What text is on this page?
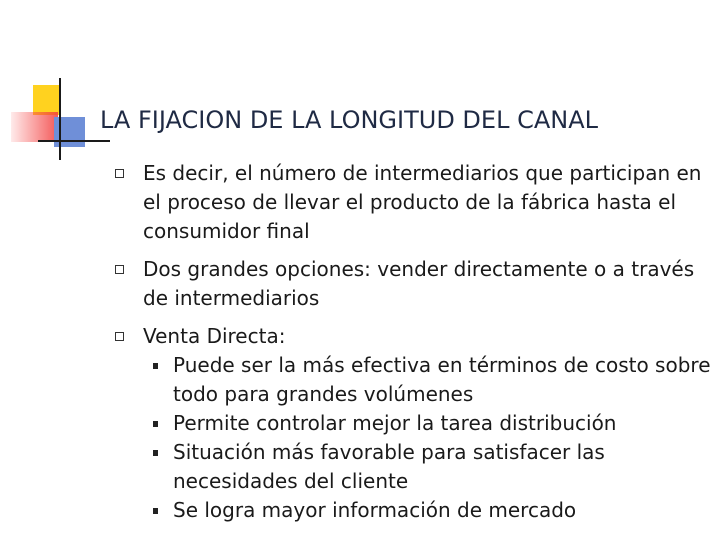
LA FIJACION DE LA LONGITUD DEL CANAL
Es decir, el número de intermediarios que participan en el proceso de llevar el producto de la fábrica hasta el consumidor final
Dos grandes opciones: vender directamente o a través de intermediarios
Venta Directa:
Puede ser la más efectiva en términos de costo sobre todo para grandes volúmenes
Permite controlar mejor la tarea distribución
Situación más favorable para satisfacer las necesidades del cliente
Se logra mayor información de mercado
